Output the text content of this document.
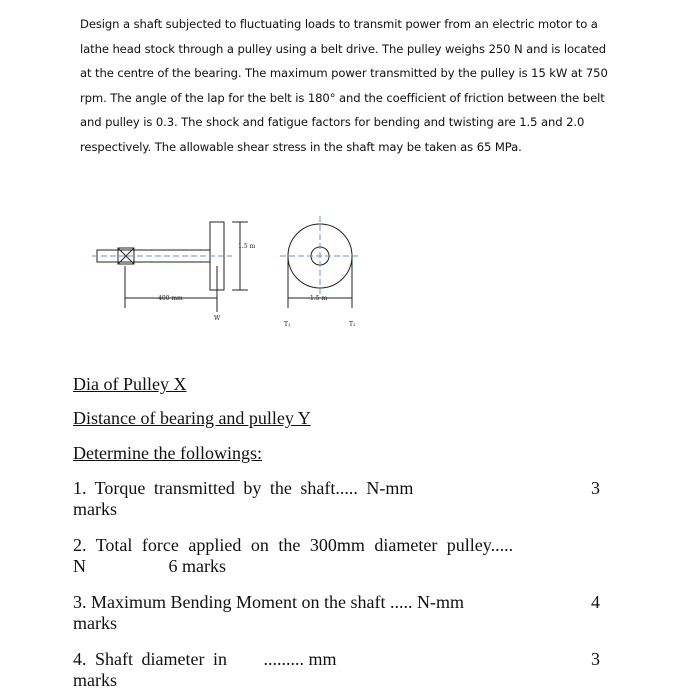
Design a shaft subjected to fluctuating loads to transmit power from an electric motor to a
lathe head stock through a pulley using a belt drive. The pulley weighs 250 N and is located
at the centre of the bearing. The maximum power transmitted by the pulley is 15 kW at 750
rpm. The angle of the lap for the belt is 180° and the coefficient of friction between the belt
and pulley is 0.3. The shock and fatigue factors for bending and twisting are 1.5 and 2.0
respectively. The allowable shear stress in the shaft may be taken as 65 MPa.
1.5 m
400 mm	1.5 m
W
T₁	T₂
Dia of Pulley X
Distance of bearing and pulley Y
Determine the followings:
1. Torque transmitted by the shaft..... N-mm
marks
3
2. Total force applied on the 300mm diameter pulley.....
N	6 marks
3. Maximum Bending Moment on the shaft ..... N-mm
marks
4
4. Shaft diameter in ......... mm
marks
3
